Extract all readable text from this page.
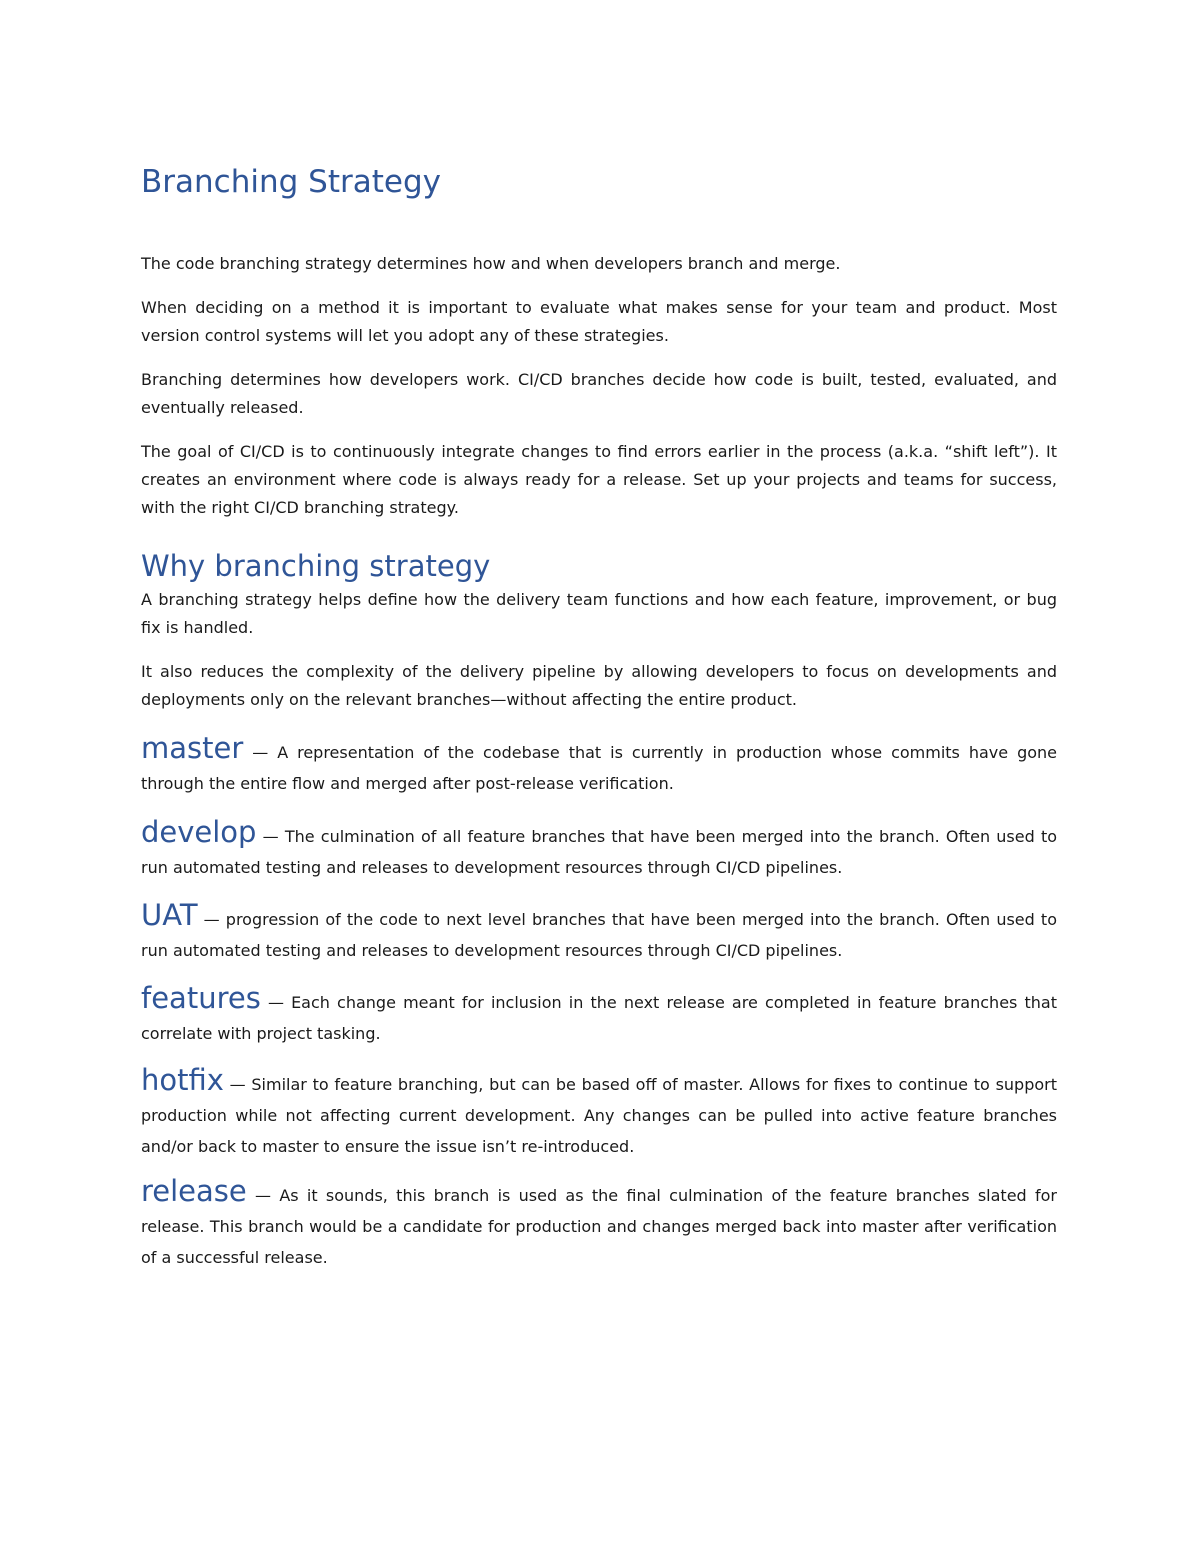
Branching Strategy

The code branching strategy determines how and when developers branch and merge.

When deciding on a method it is important to evaluate what makes sense for your team and product. Most version control systems will let you adopt any of these strategies.

Branching determines how developers work. CI/CD branches decide how code is built, tested, evaluated, and eventually released.

The goal of CI/CD is to continuously integrate changes to find errors earlier in the process (a.k.a. “shift left”). It creates an environment where code is always ready for a release. Set up your projects and teams for success, with the right CI/CD branching strategy.

Why branching strategy

A branching strategy helps define how the delivery team functions and how each feature, improvement, or bug fix is handled.

It also reduces the complexity of the delivery pipeline by allowing developers to focus on developments and deployments only on the relevant branches—without affecting the entire product.

master — A representation of the codebase that is currently in production whose commits have gone through the entire flow and merged after post-release verification.

develop — The culmination of all feature branches that have been merged into the branch. Often used to run automated testing and releases to development resources through CI/CD pipelines.

UAT — progression of the code to next level branches that have been merged into the branch. Often used to run automated testing and releases to development resources through CI/CD pipelines.

features — Each change meant for inclusion in the next release are completed in feature branches that correlate with project tasking.

hotfix — Similar to feature branching, but can be based off of master. Allows for fixes to continue to support production while not affecting current development. Any changes can be pulled into active feature branches and/or back to master to ensure the issue isn’t re-introduced.

release — As it sounds, this branch is used as the final culmination of the feature branches slated for release. This branch would be a candidate for production and changes merged back into master after verification of a successful release.
